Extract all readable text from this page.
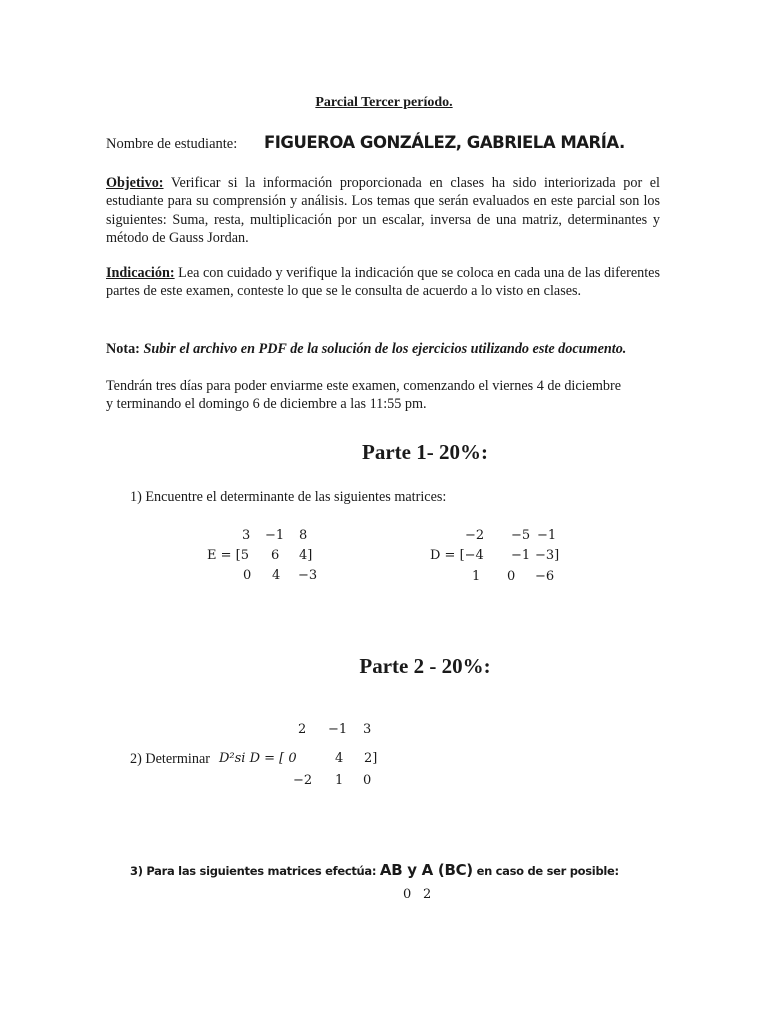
Parcial Tercer período.
Nombre de estudiante: FIGUEROA GONZÁLEZ, GABRIELA MARÍA.
Objetivo: Verificar si la información proporcionada en clases ha sido interiorizada por el estudiante para su comprensión y análisis. Los temas que serán evaluados en este parcial son los siguientes: Suma, resta, multiplicación por un escalar, inversa de una matriz, determinantes y método de Gauss Jordan.
Indicación: Lea con cuidado y verifique la indicación que se coloca en cada una de las diferentes partes de este examen, conteste lo que se le consulta de acuerdo a lo visto en clases.
Nota: Subir el archivo en PDF de la solución de los ejercicios utilizando este documento.
Tendrán tres días para poder enviarme este examen, comenzando el viernes 4 de diciembre
y terminando el domingo 6 de diciembre a las 11:55 pm.
Parte 1- 20%:
1) Encuentre el determinante de las siguientes matrices:
3 −1 8
E = [5 6 4]
0 4 −3
−2 −5 −1
D = [−4 −1 −3]
1 0 −6
Parte 2 - 20%:
2 −1 3
2) Determinar D²si D = [ 0	4 2]
−2 1 0
3) Para las siguientes matrices efectúa: AB y A (BC) en caso de ser posible:
0 2
